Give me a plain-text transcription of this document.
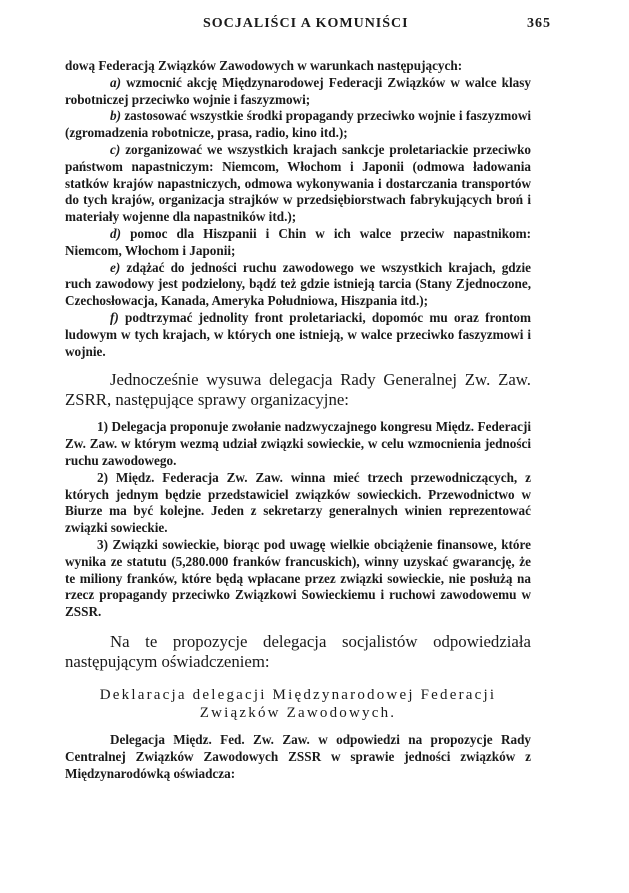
SOCJALIŚCI A KOMUNIŚCI	365

dową Federacją Związków Zawodowych w warunkach następujących:

a) wzmocnić akcję Międzynarodowej Federacji Związków w walce klasy robotniczej przeciwko wojnie i faszyzmowi;

b) zastosować wszystkie środki propagandy przeciwko wojnie i faszyzmowi (zgromadzenia robotnicze, prasa, radio, kino itd.);

c) zorganizować we wszystkich krajach sankcje proletariackie przeciwko państwom napastniczym: Niemcom, Włochom i Japonii (odmowa ładowania statków krajów napastniczych, odmowa wykonywania i dostarczania transportów do tych krajów, organizacja strajków w przedsiębiorstwach fabrykujących broń i materiały wojenne dla napastników itd.);

d) pomoc dla Hiszpanii i Chin w ich walce przeciw napastnikom: Niemcom, Włochom i Japonii;

e) zdążać do jedności ruchu zawodowego we wszystkich krajach, gdzie ruch zawodowy jest podzielony, bądź też gdzie istnieją tarcia (Stany Zjednoczone, Czechosłowacja, Kanada, Ameryka Południowa, Hiszpania itd.);

f) podtrzymać jednolity front proletariacki, dopomóc mu oraz frontom ludowym w tych krajach, w których one istnieją, w walce przeciwko faszyzmowi i wojnie.

Jednocześnie wysuwa delegacja Rady Generalnej Zw. Zaw. ZSRR, następujące sprawy organizacyjne:

1) Delegacja proponuje zwołanie nadzwyczajnego kongresu Międz. Federacji Zw. Zaw. w którym wezmą udział związki sowieckie, w celu wzmocnienia jedności ruchu zawodowego.

2) Międz. Federacja Zw. Zaw. winna mieć trzech przewodniczących, z których jednym będzie przedstawiciel związków sowieckich. Przewodnictwo w Biurze ma być kolejne. Jeden z sekretarzy generalnych winien reprezentować związki sowieckie.

3) Związki sowieckie, biorąc pod uwagę wielkie obciążenie finansowe, które wynika ze statutu (5,280.000 franków francuskich), winny uzyskać gwarancję, że te miliony franków, które będą wpłacane przez związki sowieckie, nie posłużą na rzecz propagandy przeciwko Związkowi Sowieckiemu i ruchowi zawodowemu w ZSSR.

Na te propozycje delegacja socjalistów odpowiedziała następującym oświadczeniem:

Deklaracja delegacji Międzynarodowej Federacji
Związków Zawodowych.

Delegacja Międz. Fed. Zw. Zaw. w odpowiedzi na propozycje Rady Centralnej Związków Zawodowych ZSSR w sprawie jedności związków z Międzynarodówką oświadcza:
